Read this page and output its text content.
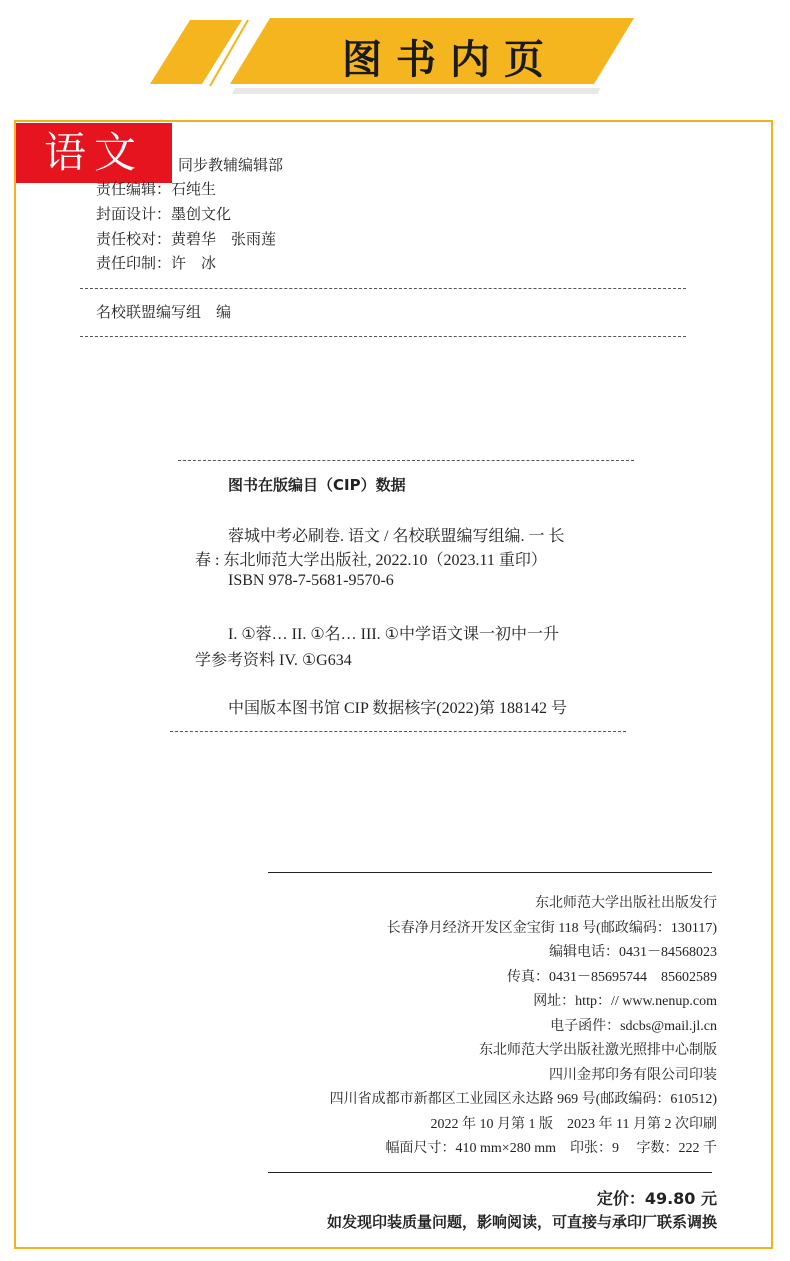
图书内页
语文	同步教辅编辑部
责任编辑：石纯生
封面设计：墨创文化
责任校对：黄碧华　张雨莲
责任印制：许　冰
名校联盟编写组　编
图书在版编目（CIP）数据
蓉城中考必刷卷. 语文 / 名校联盟编写组编. 一 长
春 : 东北师范大学出版社, 2022.10（2023.11 重印）
ISBN 978-7-5681-9570-6
I. ①蓉… II. ①名… III. ①中学语文课一初中一升
学参考资料 IV. ①G634
中国版本图书馆 CIP 数据核字(2022)第 188142 号
东北师范大学出版社出版发行
长春净月经济开发区金宝街 118 号(邮政编码：130117)
编辑电话：0431－84568023
传真：0431－85695744　85602589
网址：http：// www.nenup.com
电子函件：sdcbs@mail.jl.cn
东北师范大学出版社激光照排中心制版
四川金邦印务有限公司印装
四川省成都市新都区工业园区永达路 969 号(邮政编码：610512)
2022 年 10 月第 1 版　2023 年 11 月第 2 次印刷
幅面尺寸：410 mm×280 mm　印张：9　 字数：222 千
定价：49.80 元
如发现印装质量问题，影响阅读，可直接与承印厂联系调换
